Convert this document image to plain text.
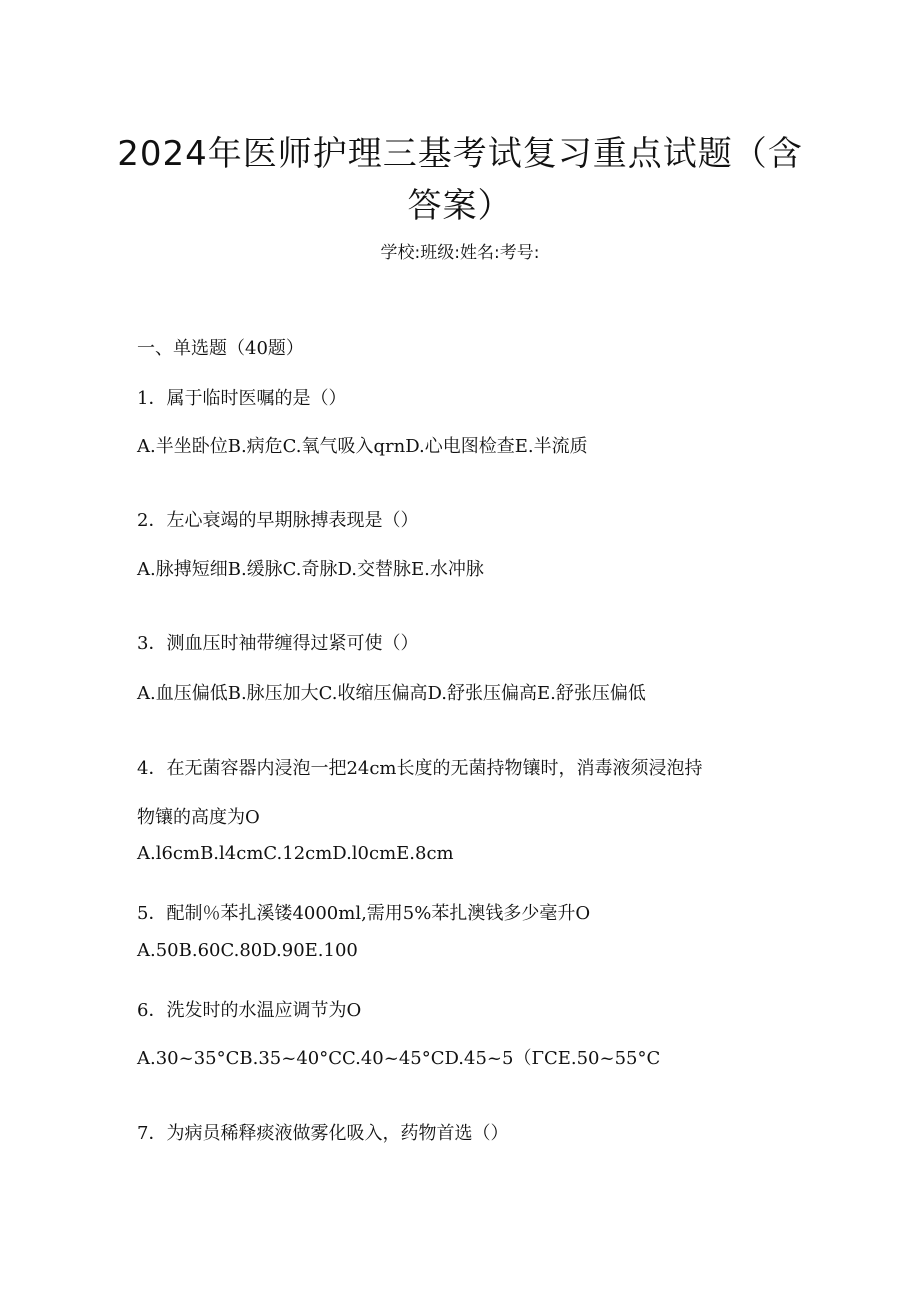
2024年医师护理三基考试复习重点试题（含答案）
学校:班级:姓名:考号:
一、单选题（40题）
1．属于临时医嘱的是（）
A.半坐卧位B.病危C.氧气吸入qrnD.心电图检查E.半流质
2．左心衰竭的早期脉搏表现是（）
A.脉搏短细B.缓脉C.奇脉D.交替脉E.水冲脉
3．测血压时袖带缠得过紧可使（）
A.血压偏低B.脉压加大C.收缩压偏高D.舒张压偏高E.舒张压偏低
4．在无菌容器内浸泡一把24cm长度的无菌持物镶时，消毒液须浸泡持
物镶的高度为O
A.l6cmB.l4cmC.12cmD.l0cmE.8cm
5．配制％苯扎溪镂4000ml,需用5%苯扎澳钱多少毫升O
A.50B.60C.80D.90E.100
6．洗发时的水温应调节为O
A.30~35°CB.35~40°CC.40~45°CD.45~5（ΓCE.50~55°C
7．为病员稀释痰液做雾化吸入，药物首选（）
